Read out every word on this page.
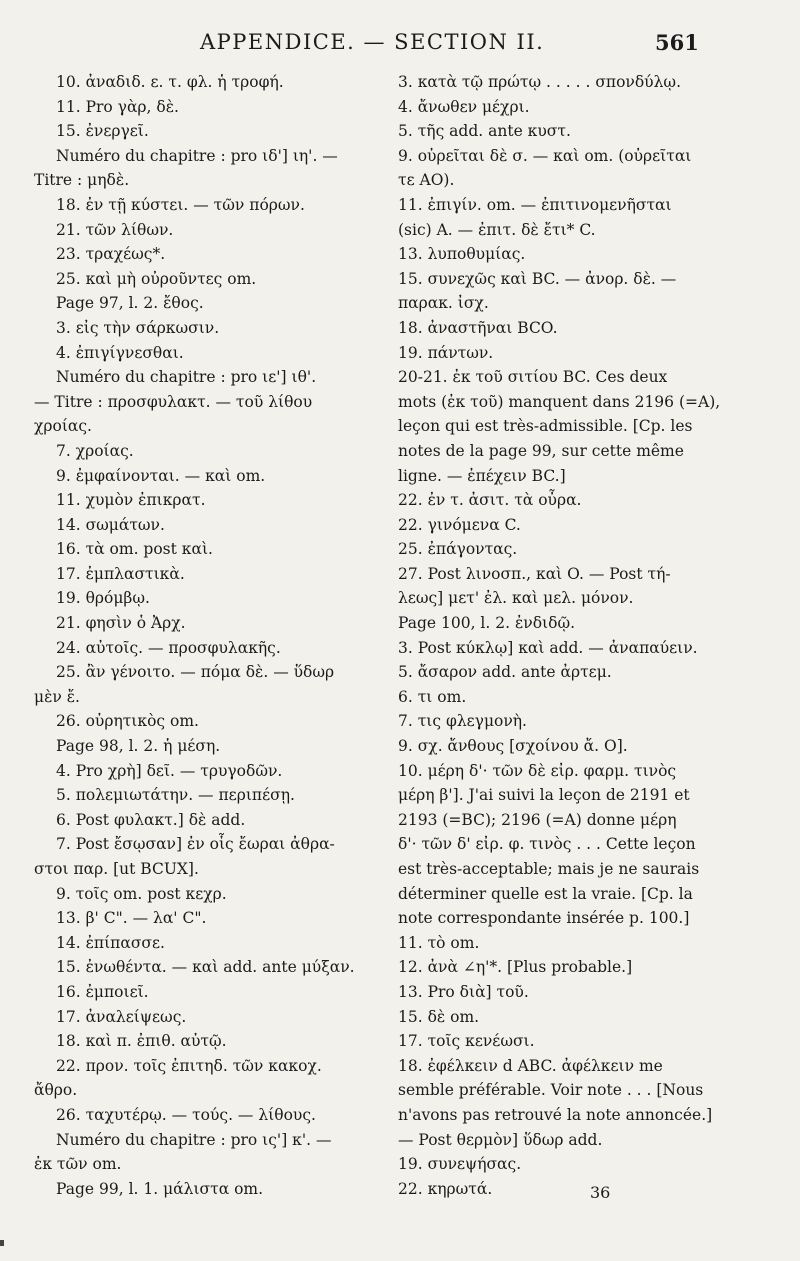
APPENDICE. — SECTION II.	561
10. ἀναδιδ. ε. τ. φλ. ἡ τροφή.
11. Pro γὰρ, δὲ.
15. ἐνεργεῖ.
Numéro du chapitre : pro ιδ'] ιη'. —
Titre : μηδὲ.
18. ἐν τῇ κύστει. — τῶν πόρων.
21. τῶν λίθων.
23. τραχέως*.
25. καὶ μὴ οὐροῦντες om.
Page 97, l. 2. ἔθος.
3. εἰς τὴν σάρκωσιν.
4. ἐπιγίγνεσθαι.
Numéro du chapitre : pro ιε'] ιθ'.
— Titre : προσφυλακτ. — τοῦ λίθου
χροίας.
7. χροίας.
9. ἐμφαίνονται. — καὶ om.
11. χυμὸν ἐπικρατ.
14. σωμάτων.
16. τὰ om. post καὶ.
17. ἐμπλαστικὰ.
19. θρόμβῳ.
21. φησὶν ὁ Ἀρχ.
24. αὐτοῖς. — προσφυλακῆς.
25. ἂν γένοιτο. — πόμα δὲ. — ὕδωρ
μὲν ἔ.
26. οὐρητικὸς om.
Page 98, l. 2. ἡ μέση.
4. Pro χρὴ] δεῖ. — τρυγοδῶν.
5. πολεμιωτάτην. — περιπέσῃ.
6. Post φυλακτ.] δὲ add.
7. Post ἔσῳσαν] ἐν οἷς ἔωραι ἀθρα-
στοι παρ. [ut BCUX].
9. τοῖς om. post κεχρ.
13. β' C". — λα' C".
14. ἐπίπασσε.
15. ἐνωθέντα. — καὶ add. ante μύξαν.
16. ἐμποιεῖ.
17. ἀναλείψεως.
18. καὶ π. ἐπιθ. αὐτῷ.
22. προν. τοῖς ἐπιτηδ. τῶν κακοχ.
ἄθρο.
26. ταχυτέρῳ. — τούς. — λίθους.
Numéro du chapitre : pro ις'] κ'. —
ἐκ τῶν om.
Page 99, l. 1. μάλιστα om.
3. κατὰ τῷ πρώτῳ . . . . . σπονδύλῳ.
4. ἄνωθεν μέχρι.
5. τῆς add. ante κυστ.
9. οὐρεῖται δὲ σ. — καὶ om. (οὐρεῖται
τε AO).
11. ἐπιγίν. om. — ἐπιτινομενῆσται
(sic) A. — ἐπιτ. δὲ ἔτι* C.
13. λυποθυμίας.
15. συνεχῶς καὶ BC. — ἀνορ. δὲ. —
παρακ. ἰσχ.
18. ἀναστῆναι BCO.
19. πάντων.
20-21. ἐκ τοῦ σιτίου BC. Ces deux
mots (ἐκ τοῦ) manquent dans 2196 (=A),
leçon qui est très-admissible. [Cp. les
notes de la page 99, sur cette même
ligne. — ἐπέχειν BC.]
22. ἐν τ. ἀσιτ. τὰ οὖρα.
22. γινόμενα C.
25. ἐπάγοντας.
27. Post λινοσπ., καὶ O. — Post τή-
λεως] μετ' ἐλ. καὶ μελ. μόνον.
Page 100, l. 2. ἐνδιδῷ.
3. Post κύκλῳ] καὶ add. — ἀναπαύειν.
5. ἄσαρον add. ante ἀρτεμ.
6. τι om.
7. τις φλεγμονὴ.
9. σχ. ἄνθους [σχοίνου ἄ. O].
10. μέρη δ'· τῶν δὲ εἰρ. φαρμ. τινὸς
μέρη β']. J'ai suivi la leçon de 2191 et
2193 (=BC); 2196 (=A) donne μέρη
δ'· τῶν δ' εἰρ. φ. τινὸς . . . Cette leçon
est très-acceptable; mais je ne saurais
déterminer quelle est la vraie. [Cp. la
note correspondante insérée p. 100.]
11. τὸ om.
12. ἀνὰ ∠η'*. [Plus probable.]
13. Pro διὰ] τοῦ.
15. δὲ om.
17. τοῖς κενέωσι.
18. ἐφέλκειν d ABC. ἀφέλκειν me
semble préférable. Voir note . . . [Nous
n'avons pas retrouvé la note annoncée.]
— Post θερμὸν] ὕδωρ add.
19. συνεψήσας.
22. κηρωτά.	36
